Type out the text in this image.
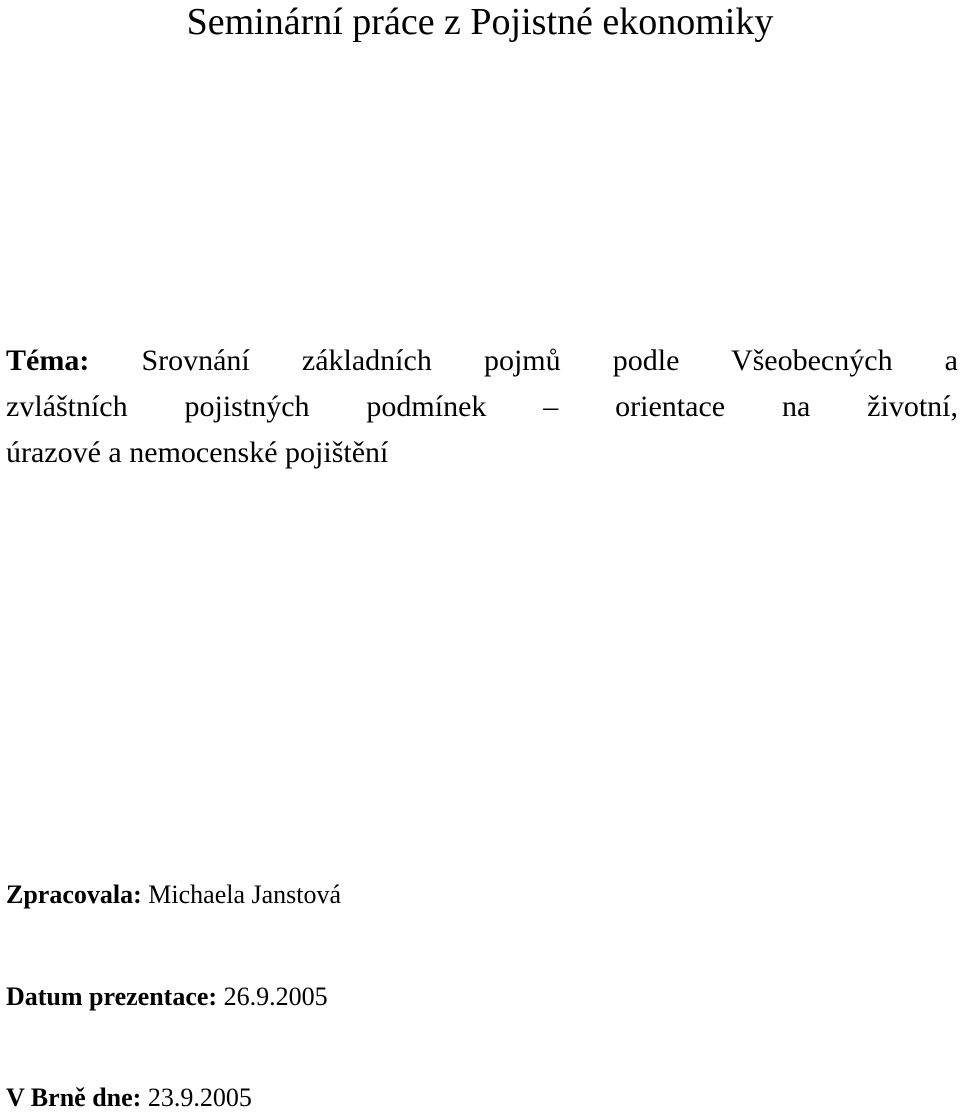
Seminární práce z Pojistné ekonomiky
Téma: Srovnání základních pojmů podle Všeobecných a
zvláštních pojistných podmínek – orientace na životní,
úrazové a nemocenské pojištění
Zpracovala: Michaela Janstová
Datum prezentace: 26.9.2005
V Brně dne: 23.9.2005
